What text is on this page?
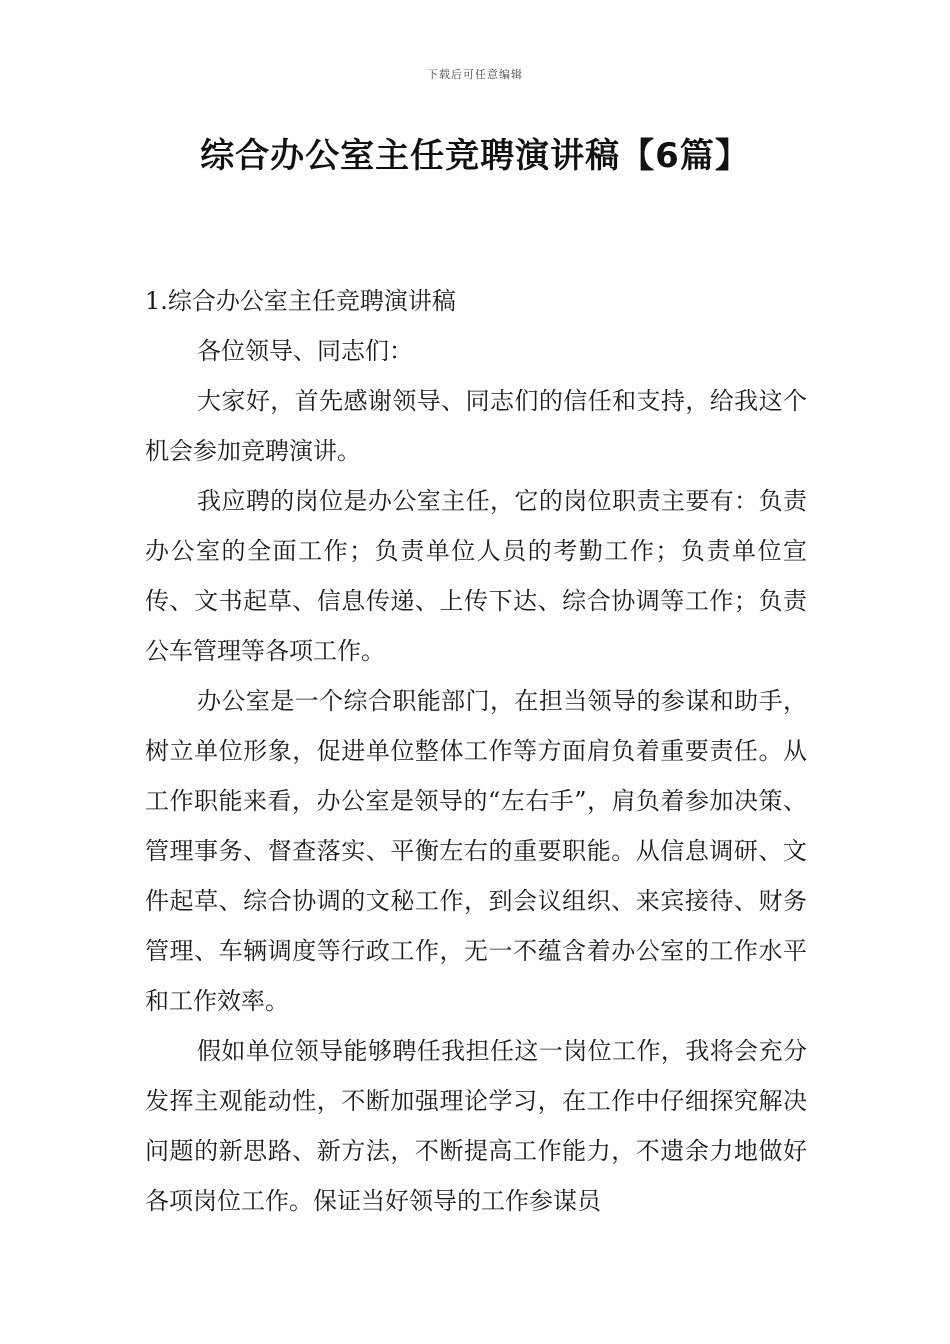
下载后可任意编辑
综合办公室主任竞聘演讲稿【6篇】

1.综合办公室主任竞聘演讲稿

各位领导、同志们：

大家好，首先感谢领导、同志们的信任和支持，给我这个机会参加竞聘演讲。

我应聘的岗位是办公室主任，它的岗位职责主要有：负责办公室的全面工作；负责单位人员的考勤工作；负责单位宣传、文书起草、信息传递、上传下达、综合协调等工作；负责公车管理等各项工作。

办公室是一个综合职能部门，在担当领导的参谋和助手，树立单位形象，促进单位整体工作等方面肩负着重要责任。从工作职能来看，办公室是领导的“左右手”，肩负着参加决策、管理事务、督查落实、平衡左右的重要职能。从信息调研、文件起草、综合协调的文秘工作，到会议组织、来宾接待、财务管理、车辆调度等行政工作，无一不蕴含着办公室的工作水平和工作效率。

假如单位领导能够聘任我担任这一岗位工作，我将会充分发挥主观能动性，不断加强理论学习，在工作中仔细探究解决问题的新思路、新方法，不断提高工作能力，不遗余力地做好各项岗位工作。保证当好领导的工作参谋员
